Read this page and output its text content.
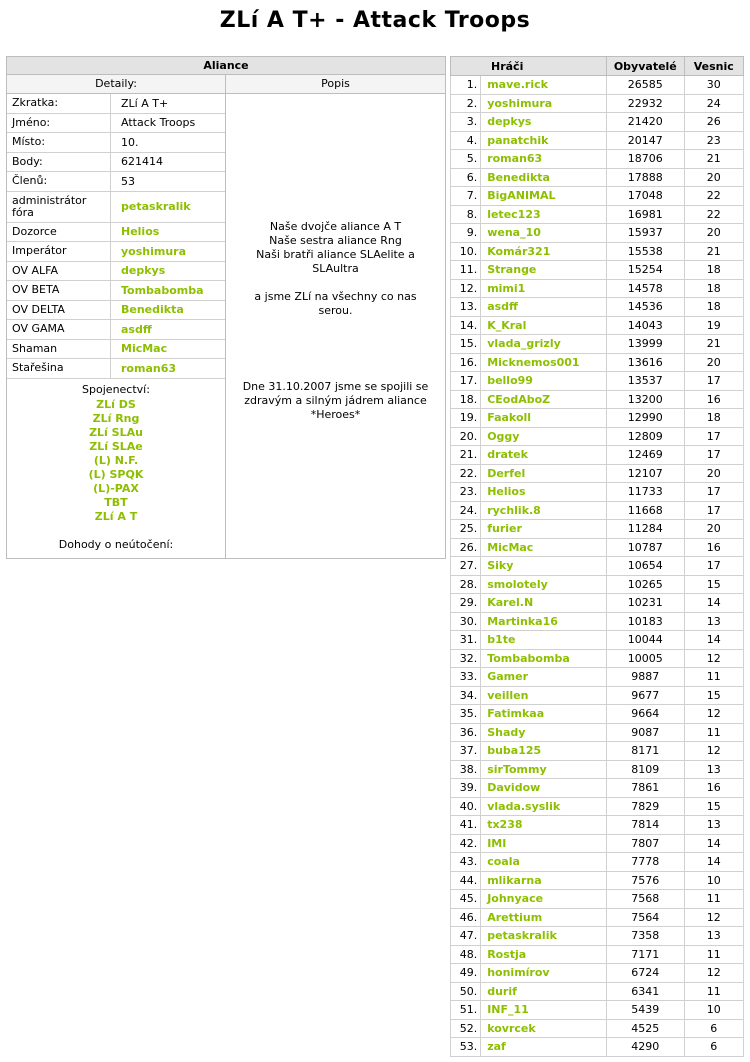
ZLí A T+ - Attack Troops
Aliance
Detaily:	Popis
Zkratka:	ZLí A T+
Jméno:	Attack Troops
Místo:	10.
Body:	621414
Členů:	53
administrátor fóra	petaskralik
Dozorce	Helios
Imperátor	yoshimura
OV ALFA	depkys
OV BETA	Tombabomba
OV DELTA	Benedikta
OV GAMA	asdff
Shaman	MicMac
Stařešina	roman63
Spojenectví:
ZLí DS
ZLí Rng
ZLí SLAu
ZLí SLAe
(L) N.F.
(L) SPQK
(L)-PAX
TBT
ZLí A T
Dohody o neútočení:
Naše dvojče aliance A T
Naše sestra aliance Rng
Naši bratři aliance SLAelite a
SLAultra
a jsme ZLí na všechny co nas
serou.
Dne 31.10.2007 jsme se spojili se
zdravým a silným jádrem aliance
*Heroes*
Hráči		Obyvatelé	Vesnic
1.	mave.rick	26585	30
2.	yoshimura	22932	24
3.	depkys	21420	26
4.	panatchik	20147	23
5.	roman63	18706	21
6.	Benedikta	17888	20
7.	BigANIMAL	17048	22
8.	letec123	16981	22
9.	wena_10	15937	20
10.	Komár321	15538	21
11.	Strange	15254	18
12.	mimi1	14578	18
13.	asdff	14536	18
14.	K_Kral	14043	19
15.	vlada_grizly	13999	21
16.	Micknemos001	13616	20
17.	bello99	13537	17
18.	CEodAboZ	13200	16
19.	Faakoll	12990	18
20.	Oggy	12809	17
21.	dratek	12469	17
22.	Derfel	12107	20
23.	Helios	11733	17
24.	rychlik.8	11668	17
25.	furier	11284	20
26.	MicMac	10787	16
27.	Siky	10654	17
28.	smolotely	10265	15
29.	Karel.N	10231	14
30.	Martinka16	10183	13
31.	b1te	10044	14
32.	Tombabomba	10005	12
33.	Gamer	9887	11
34.	veillen	9677	15
35.	Fatimkaa	9664	12
36.	Shady	9087	11
37.	buba125	8171	12
38.	sirTommy	8109	13
39.	Davidow	7861	16
40.	vlada.syslik	7829	15
41.	tx238	7814	13
42.	IMI	7807	14
43.	coala	7778	14
44.	mlikarna	7576	10
45.	Johnyace	7568	11
46.	Arettium	7564	12
47.	petaskralik	7358	13
48.	Rostja	7171	11
49.	honimírov	6724	12
50.	durif	6341	11
51.	INF_11	5439	10
52.	kovrcek	4525	6
53.	zaf	4290	6
